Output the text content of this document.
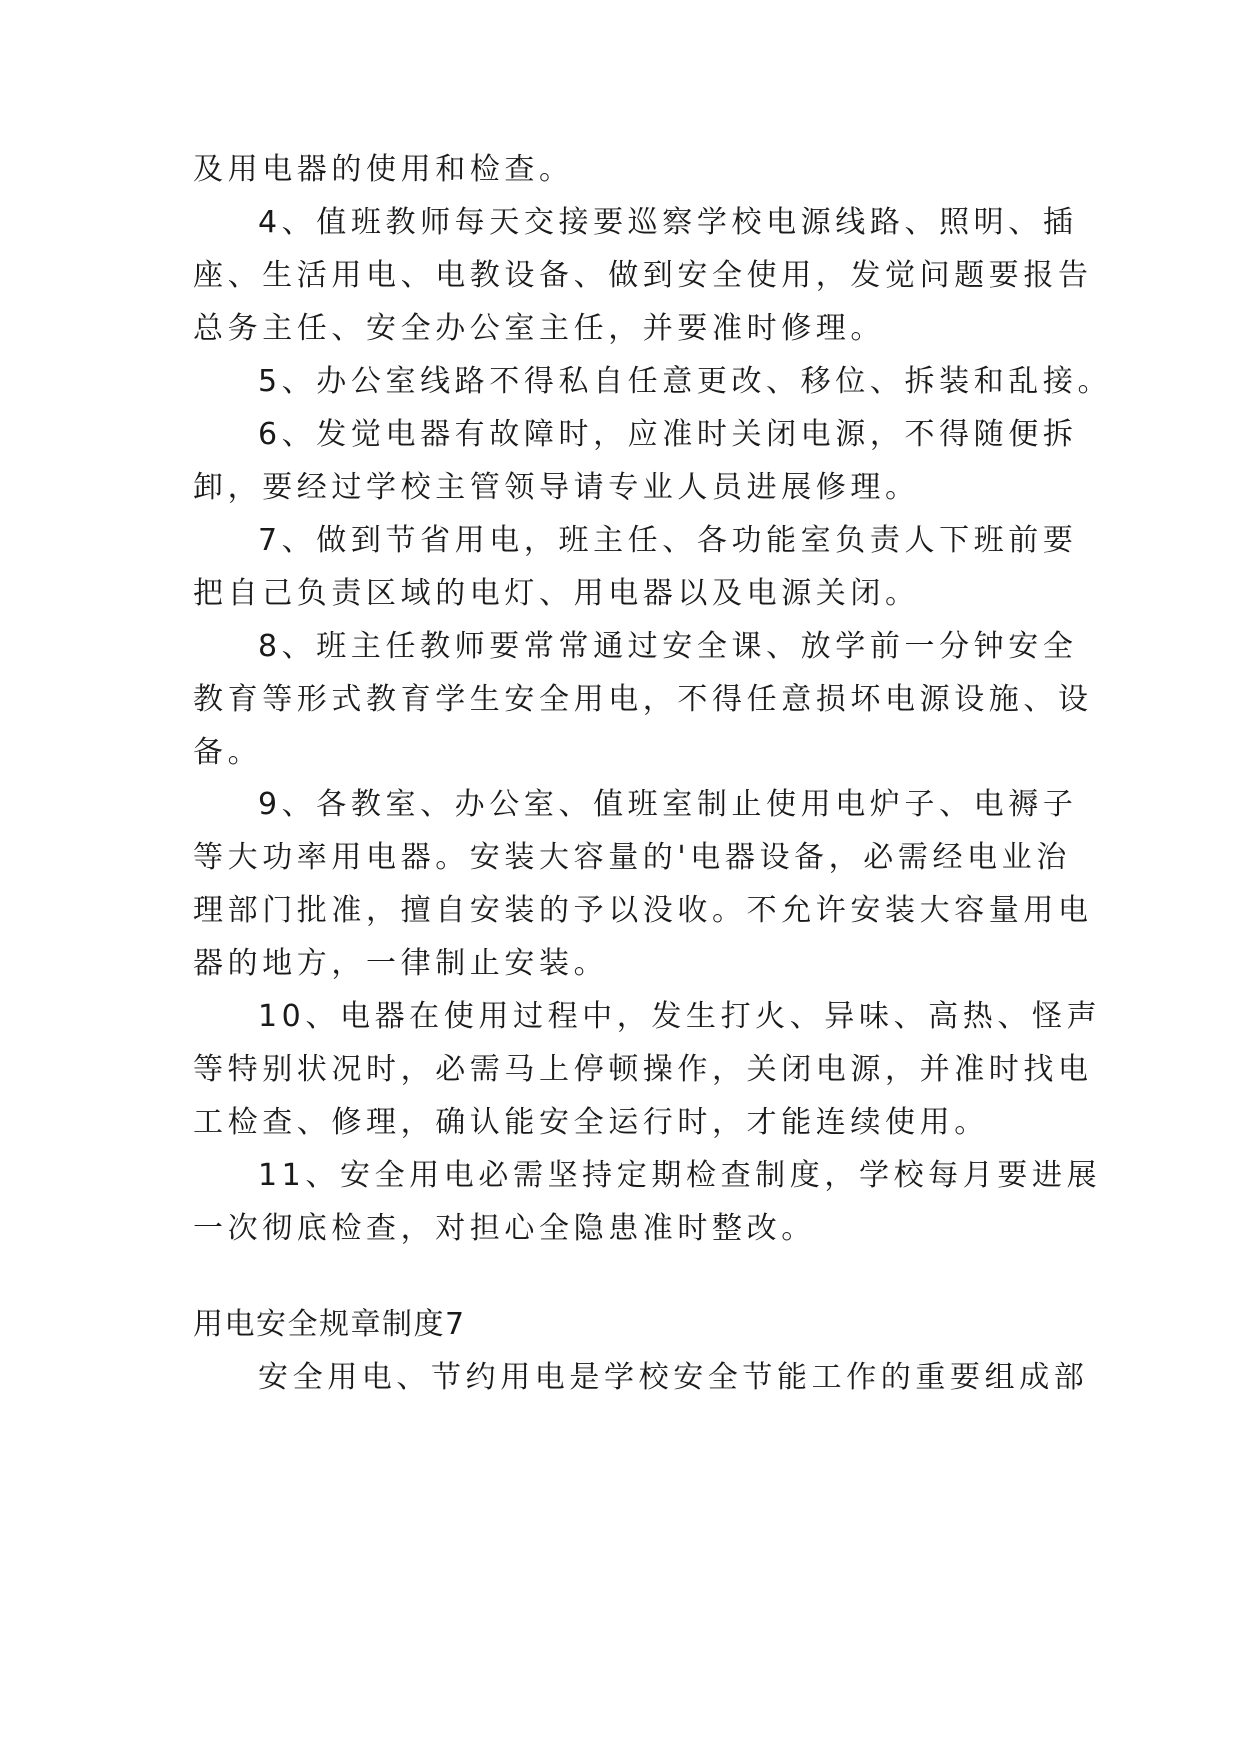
及用电器的使用和检查。
4、值班教师每天交接要巡察学校电源线路、照明、插
座、生活用电、电教设备、做到安全使用，发觉问题要报告
总务主任、安全办公室主任，并要准时修理。
5、办公室线路不得私自任意更改、移位、拆装和乱接。
6、发觉电器有故障时，应准时关闭电源，不得随便拆
卸，要经过学校主管领导请专业人员进展修理。
7、做到节省用电，班主任、各功能室负责人下班前要
把自己负责区域的电灯、用电器以及电源关闭。
8、班主任教师要常常通过安全课、放学前一分钟安全
教育等形式教育学生安全用电，不得任意损坏电源设施、设
备。
9、各教室、办公室、值班室制止使用电炉子、电褥子
等大功率用电器。安装大容量的'电器设备，必需经电业治
理部门批准，擅自安装的予以没收。不允许安装大容量用电
器的地方，一律制止安装。
10、电器在使用过程中，发生打火、异味、高热、怪声
等特别状况时，必需马上停顿操作，关闭电源，并准时找电
工检查、修理，确认能安全运行时，才能连续使用。
11、安全用电必需坚持定期检查制度，学校每月要进展
一次彻底检查，对担心全隐患准时整改。
用电安全规章制度7
安全用电、节约用电是学校安全节能工作的重要组成部
